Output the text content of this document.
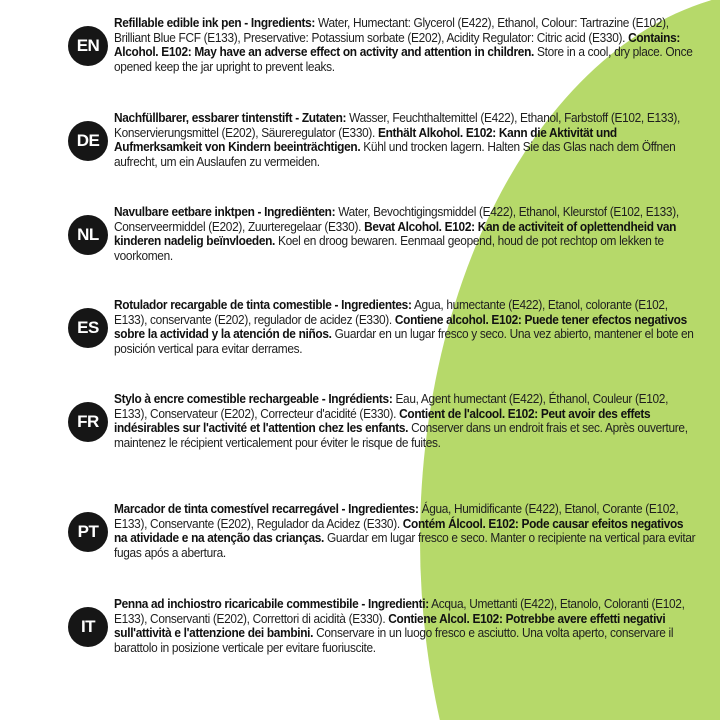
EN

Refillable edible ink pen - Ingredients: Water, Humectant: Glycerol (E422), Ethanol, Colour: Tartrazine (E102), Brilliant Blue FCF (E133), Preservative: Potassium sorbate (E202), Acidity Regulator: Citric acid (E330). Contains: Alcohol. E102: May have an adverse effect on activity and attention in children. Store in a cool, dry place. Once opened keep the jar upright to prevent leaks.

DE

Nachfüllbarer, essbarer tintenstift - Zutaten: Wasser, Feuchthaltemittel (E422), Ethanol, Farbstoff (E102, E133), Konservierungsmittel (E202), Säureregulator (E330). Enthält Alkohol. E102: Kann die Aktivität und Aufmerksamkeit von Kindern beeinträchtigen. Kühl und trocken lagern. Halten Sie das Glas nach dem Öffnen aufrecht, um ein Auslaufen zu vermeiden.

NL

Navulbare eetbare inktpen - Ingrediënten: Water, Bevochtigingsmiddel (E422), Ethanol, Kleurstof (E102, E133), Conserveermiddel (E202), Zuurteregelaar (E330). Bevat Alcohol. E102: Kan de activiteit of oplettendheid van kinderen nadelig beïnvloeden. Koel en droog bewaren. Eenmaal geopend, houd de pot rechtop om lekken te voorkomen.

ES

Rotulador recargable de tinta comestible - Ingredientes: Agua, humectante (E422), Etanol, colorante (E102, E133), conservante (E202), regulador de acidez (E330). Contiene alcohol. E102: Puede tener efectos negativos sobre la actividad y la atención de niños. Guardar en un lugar fresco y seco. Una vez abierto, mantener el bote en posición vertical para evitar derrames.

FR

Stylo à encre comestible rechargeable - Ingrédients: Eau, Agent humectant (E422), Éthanol, Couleur (E102, E133), Conservateur (E202), Correcteur d'acidité (E330). Contient de l'alcool. E102: Peut avoir des effets indésirables sur l'activité et l'attention chez les enfants. Conserver dans un endroit frais et sec. Après ouverture, maintenez le récipient verticalement pour éviter le risque de fuites.

PT

Marcador de tinta comestível recarregável - Ingredientes: Água, Humidificante (E422), Etanol, Corante (E102, E133), Conservante (E202), Regulador da Acidez (E330). Contém Álcool. E102: Pode causar efeitos negativos na atividade e na atenção das crianças. Guardar em lugar fresco e seco. Manter o recipiente na vertical para evitar fugas após a abertura.

IT

Penna ad inchiostro ricaricabile commestibile - Ingredienti: Acqua, Umettanti (E422), Etanolo, Coloranti (E102, E133), Conservanti (E202), Correttori di acidità (E330). Contiene Alcol. E102: Potrebbe avere effetti negativi sull'attività e l'attenzione dei bambini. Conservare in un luogo fresco e asciutto. Una volta aperto, conservare il barattolo in posizione verticale per evitare fuoriuscite.
